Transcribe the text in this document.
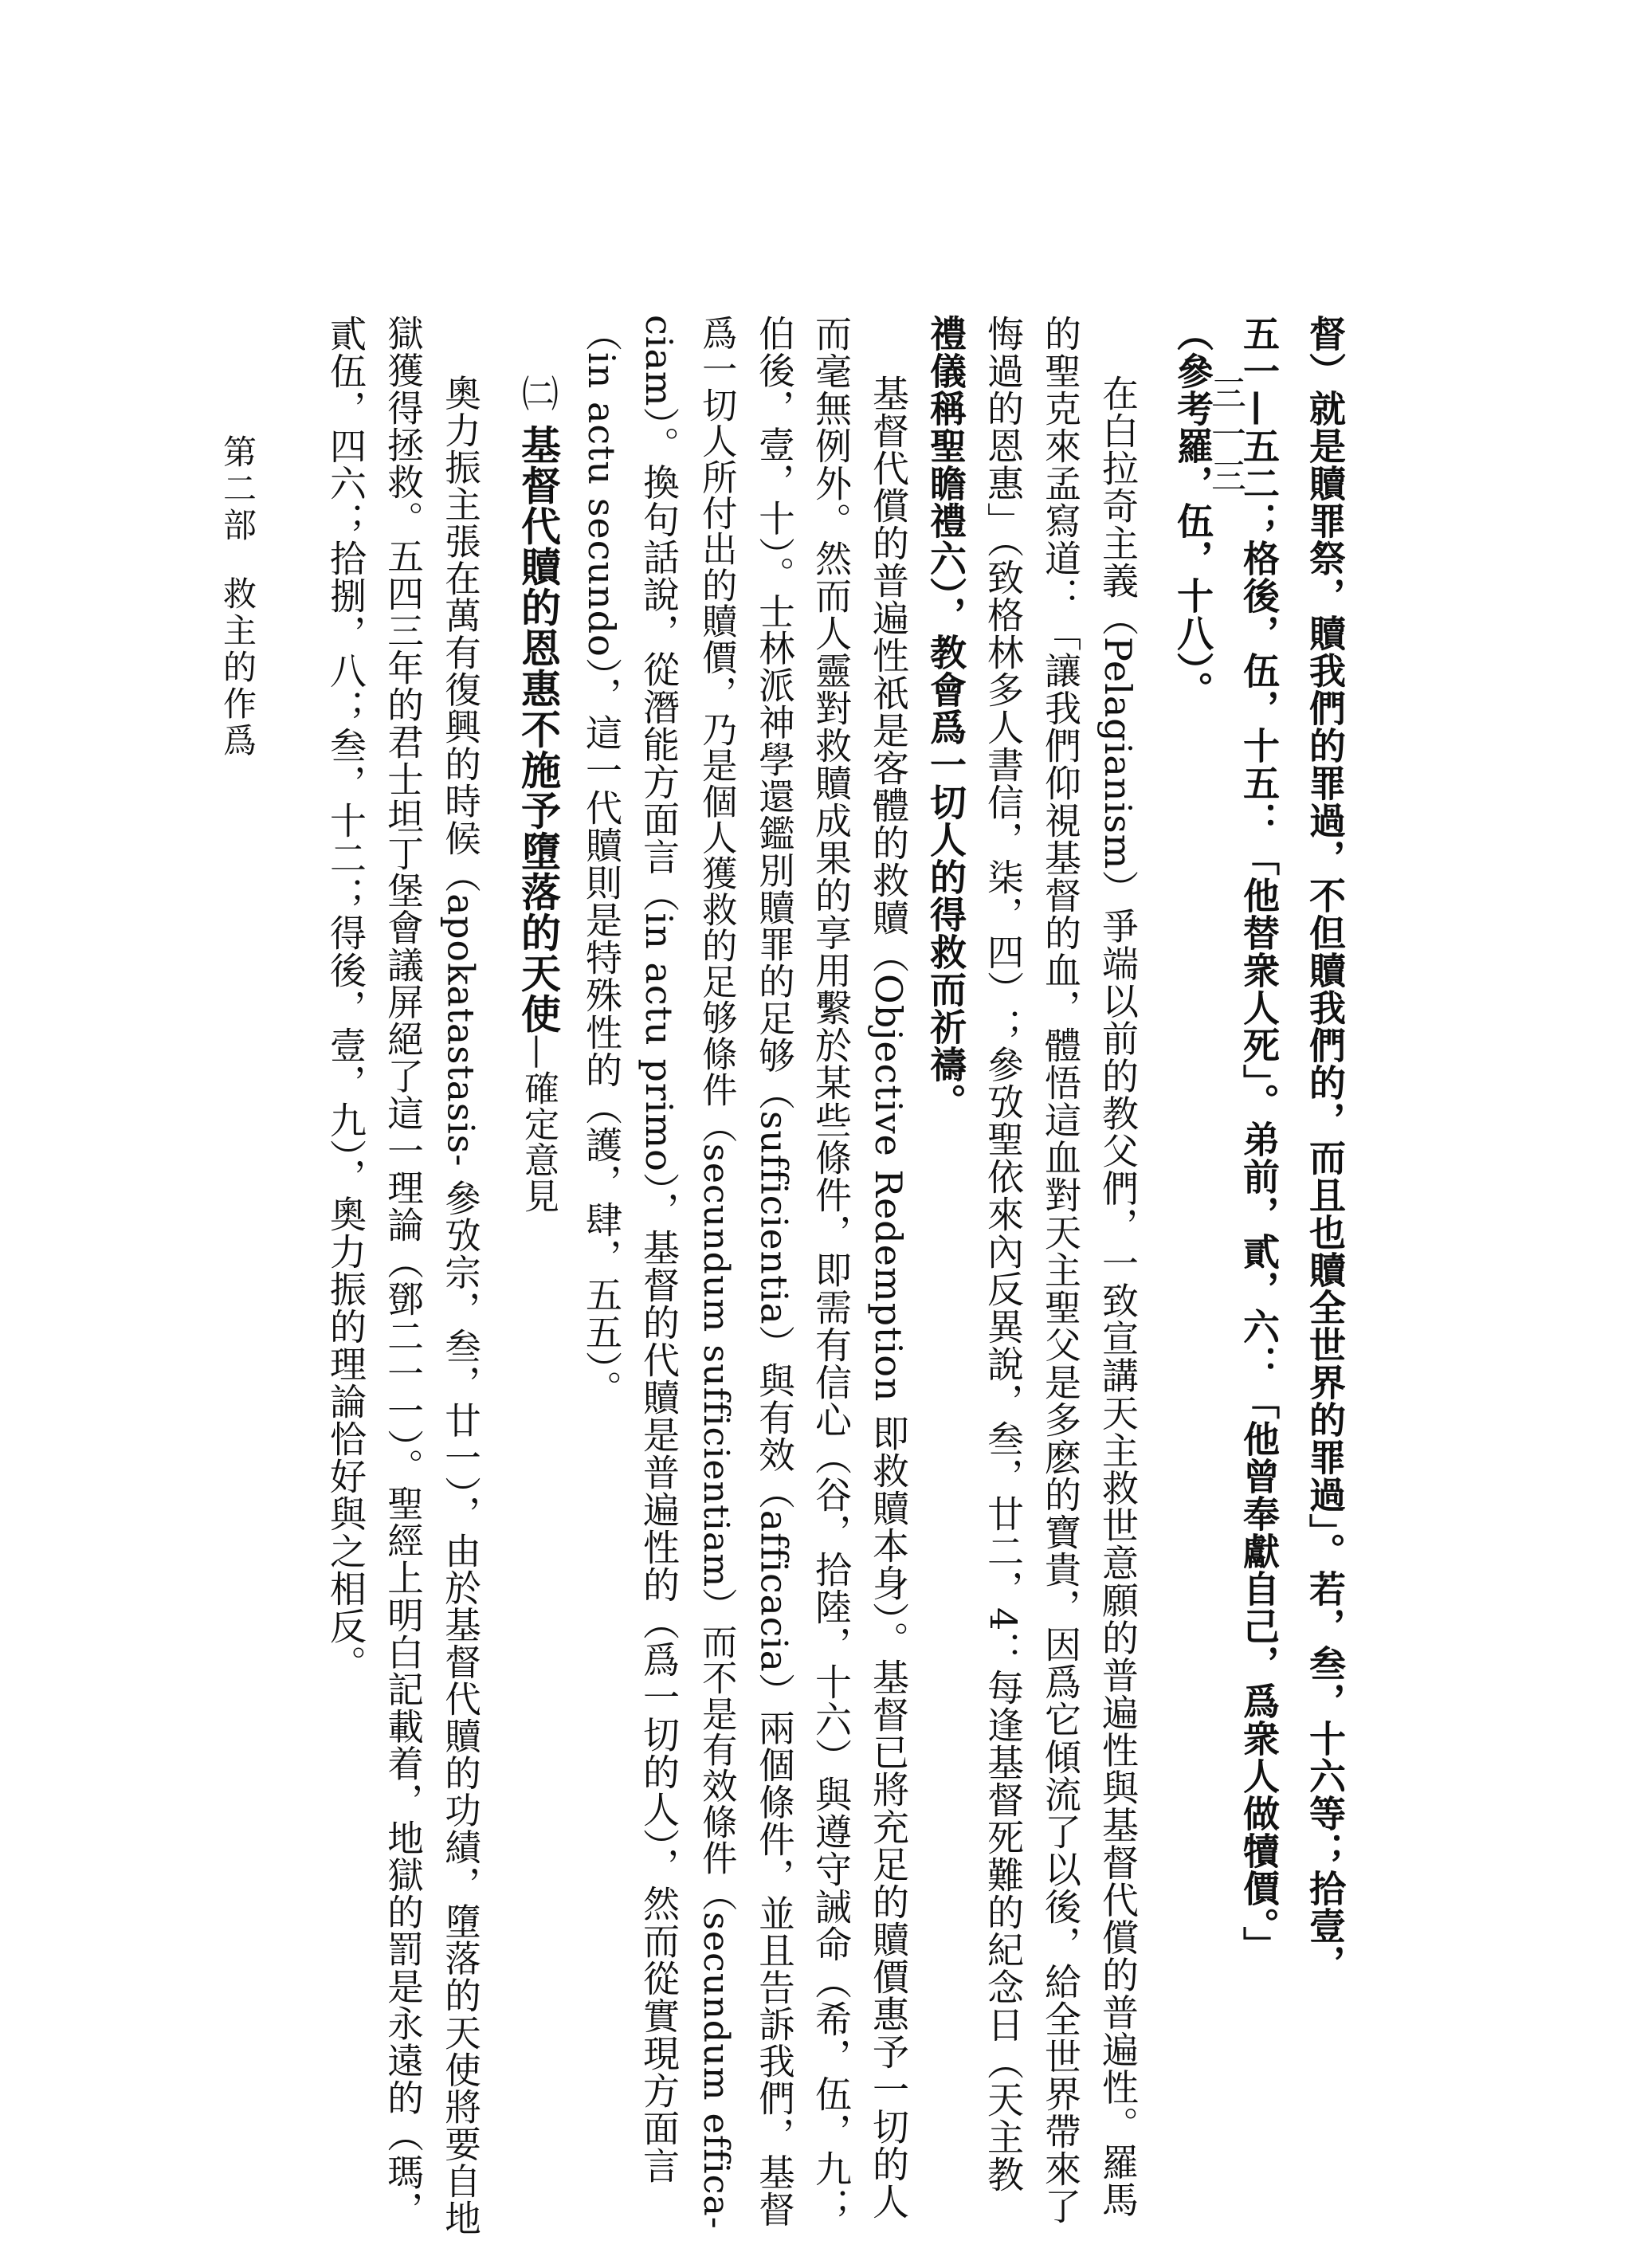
三一三
第二部救主的作爲	督）就是贖罪祭，贖我們的罪過，不但贖我們的，而且也贖全世界的罪過」。若，叁，十六等；拾壹，
五一—五二；格後，伍，十五：「他替衆人死」。弟前，貳，六：「他曾奉獻自己，爲衆人做犢價。」
（參考羅，伍，十八）。
在白拉奇主義（Pelagianism）爭端以前的教父們，一致宣講天主救世意願的普遍性與基督代償的普遍性。羅馬
的聖克來孟寫道：「讓我們仰視基督的血，體悟這血對天主聖父是多麽的寶貴，因爲它傾流了以後，給全世界帶來了
悔過的恩惠」（致格林多人書信，柒，四）；參攷聖依來內反異說，叁，廿二，4：每逢基督死難的紀念日（天主教
禮儀稱聖瞻禮六），教會爲一切人的得救而祈禱。
基督代償的普遍性祇是客體的救贖（Objective Redemption 即救贖本身）。基督已將充足的贖價惠予一切的人
而毫無例外。然而人靈對救贖成果的享用繫於某些條件，即需有信心（谷，拾陸，十六）與遵守誡命（希，伍，九；
伯後，壹，十）。士林派神學還鑑別贖罪的足够（sufficientia）與有效（afficacia）兩個條件，並且告訴我們，基督
爲一切人所付出的贖價，乃是個人獲救的足够條件（secundum sufficientiam）而不是有效條件（secundum effica-
ciam）。換句話說，從潛能方面言（in actu primo），基督的代贖是普遍性的（爲一切的人），然而從實現方面言
（in actu secundo），這一代贖則是特殊性的（護，肆，五五）。
㈡ 基督代贖的恩惠不施予墮落的天使—確定意見
奧力振主張在萬有復興的時候（apokatastasis- 參攷宗，叁，廿一），由於基督代贖的功績，墮落的天使將要自地
獄獲得拯救。五四三年的君士坦丁堡會議屏絕了這一理論（鄧二一一）。聖經上明白記載着，地獄的罰是永遠的（瑪，
貳伍，四六；拾捌，八；叁，十二；得後，壹，九），奧力振的理論恰好與之相反。
